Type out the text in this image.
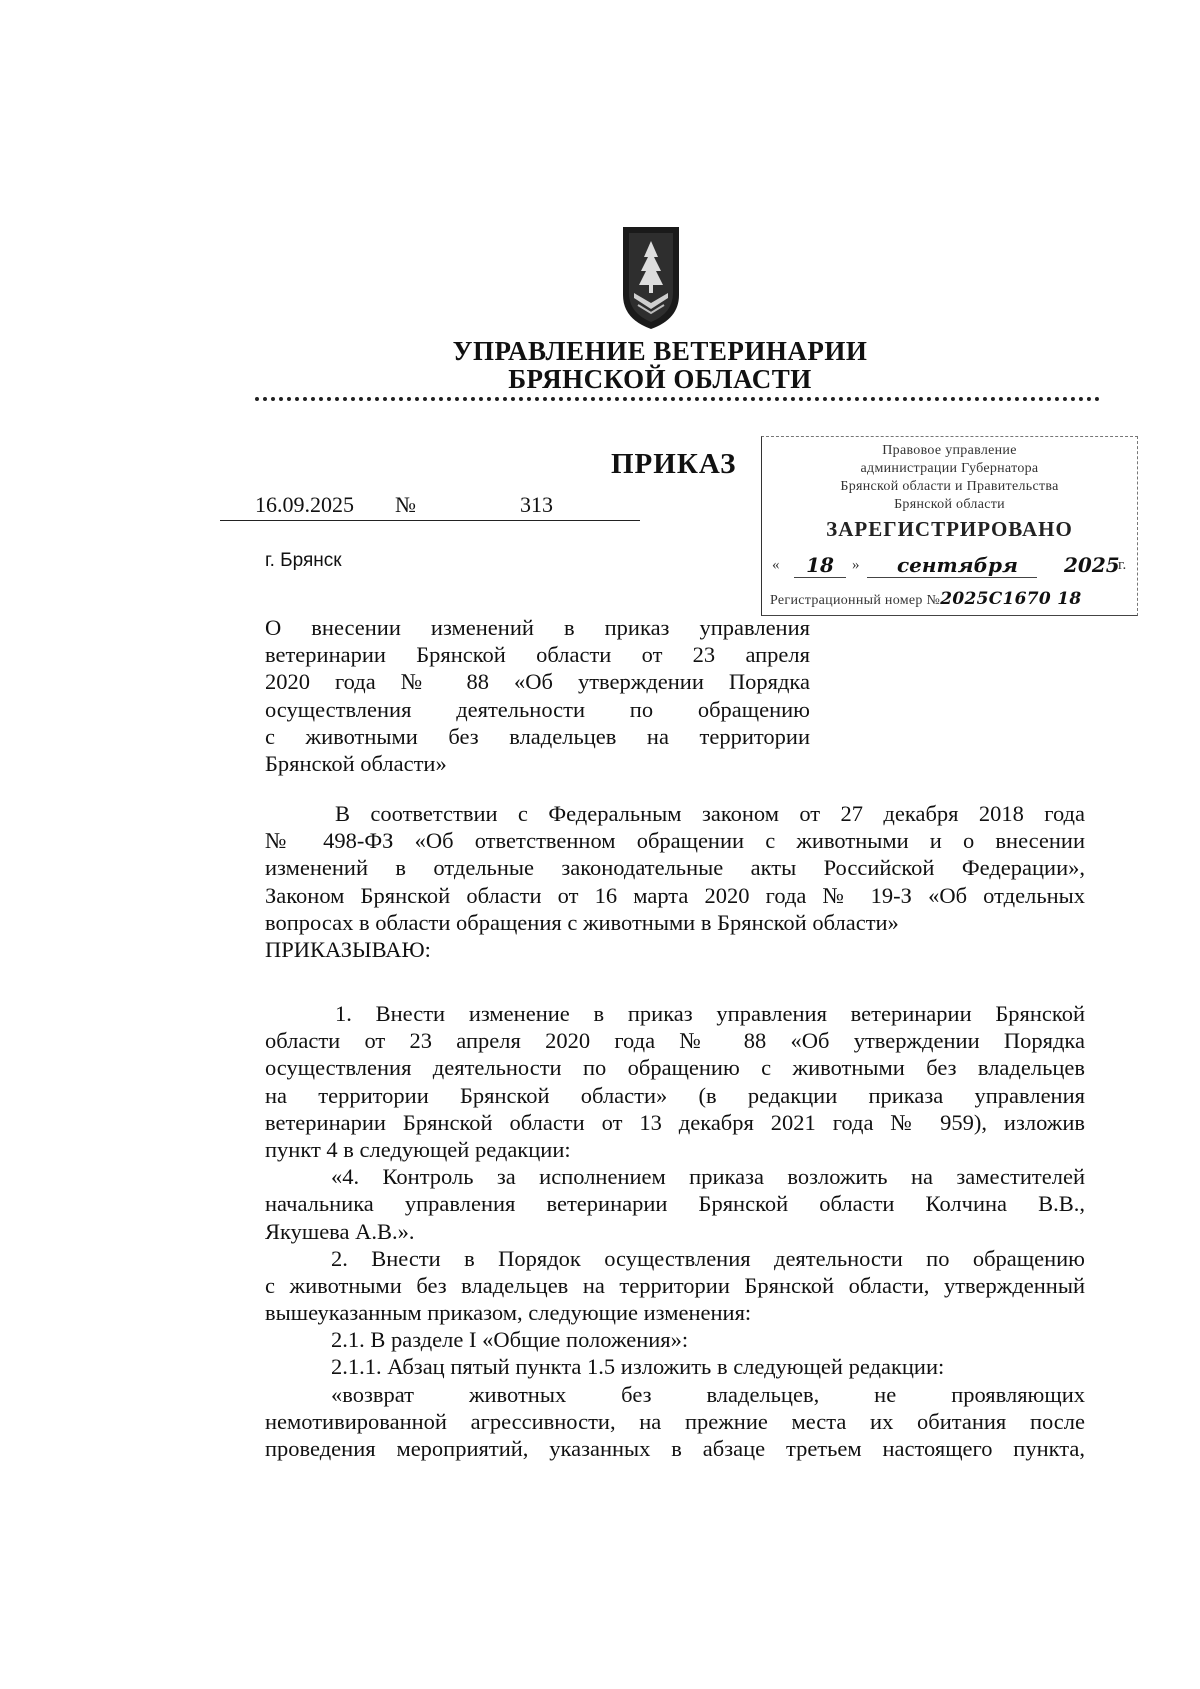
УПРАВЛЕНИЕ ВЕТЕРИНАРИИ
БРЯНСКОЙ ОБЛАСТИ
ПРИКАЗ
16.09.2025 №	313
г. Брянск
Правовое управление
администрации Губернатора
Брянской области и Правительства
Брянской области
ЗАРЕГИСТРИРОВАНО
«	18	»	сентября	2025
г.
Регистрационный номер №2025С1670 18
О внесении изменений в приказ управления
ветеринарии Брянской области от 23 апреля
2020 года № 88 «Об утверждении Порядка
осуществления деятельности по обращению
с животными без владельцев на территории
Брянской области»
В соответствии с Федеральным законом от 27 декабря 2018 года
№ 498-ФЗ «Об ответственном обращении с животными и о внесении
изменений в отдельные законодательные акты Российской Федерации»,
Законом Брянской области от 16 марта 2020 года № 19-З «Об отдельных
вопросах в области обращения с животными в Брянской области»
ПРИКАЗЫВАЮ:
1. Внести изменение в приказ управления ветеринарии Брянской
области от 23 апреля 2020 года № 88 «Об утверждении Порядка
осуществления деятельности по обращению с животными без владельцев
на территории Брянской области» (в редакции приказа управления
ветеринарии Брянской области от 13 декабря 2021 года № 959), изложив
пункт 4 в следующей редакции:
«4. Контроль за исполнением приказа возложить на заместителей
начальника управления ветеринарии Брянской области Колчина В.В.,
Якушева А.В.».
2. Внести в Порядок осуществления деятельности по обращению
с животными без владельцев на территории Брянской области, утвержденный
вышеуказанным приказом, следующие изменения:
2.1. В разделе I «Общие положения»:
2.1.1. Абзац пятый пункта 1.5 изложить в следующей редакции:
«возврат животных без владельцев, не проявляющих
немотивированной агрессивности, на прежние места их обитания после
проведения мероприятий, указанных в абзаце третьем настоящего пункта,
